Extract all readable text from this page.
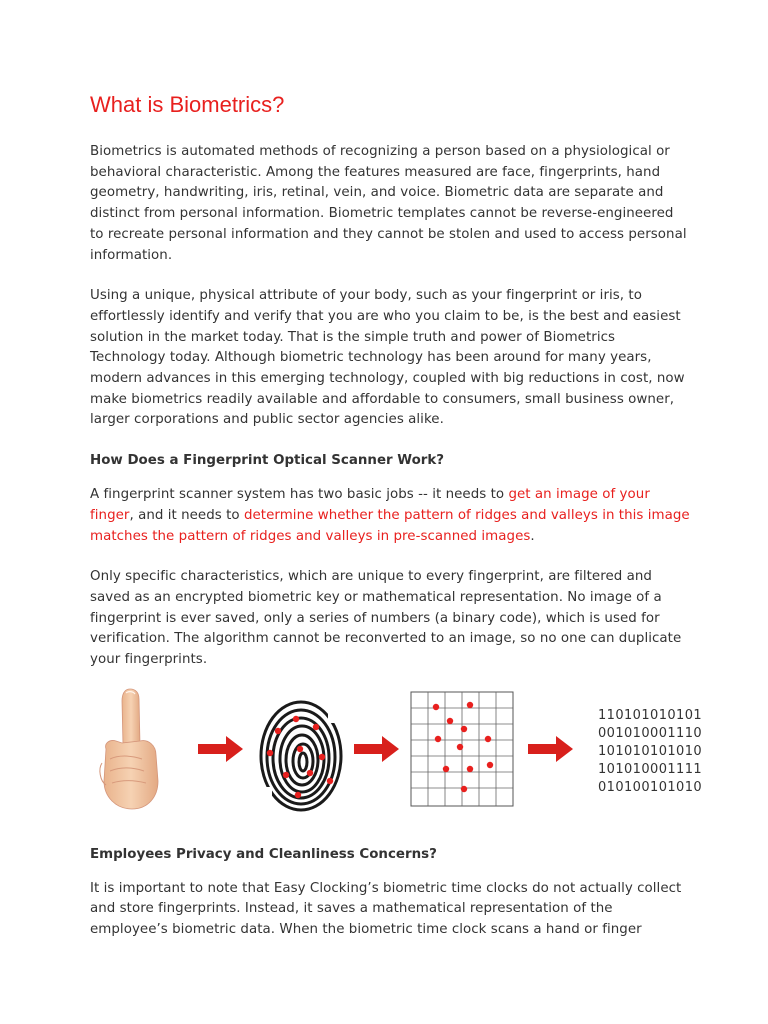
What is Biometrics?

Biometrics is automated methods of recognizing a person based on a physiological or behavioral characteristic. Among the features measured are face, fingerprints, hand geometry, handwriting, iris, retinal, vein, and voice. Biometric data are separate and distinct from personal information. Biometric templates cannot be reverse-engineered to recreate personal information and they cannot be stolen and used to access personal information.

Using a unique, physical attribute of your body, such as your fingerprint or iris, to effortlessly identify and verify that you are who you claim to be, is the best and easiest solution in the market today. That is the simple truth and power of Biometrics Technology today. Although biometric technology has been around for many years, modern advances in this emerging technology, coupled with big reductions in cost, now make biometrics readily available and affordable to consumers, small business owner, larger corporations and public sector agencies alike.

How Does a Fingerprint Optical Scanner Work?

A fingerprint scanner system has two basic jobs -- it needs to get an image of your finger, and it needs to determine whether the pattern of ridges and valleys in this image matches the pattern of ridges and valleys in pre-scanned images.

Only specific characteristics, which are unique to every fingerprint, are filtered and saved as an encrypted biometric key or mathematical representation. No image of a fingerprint is ever saved, only a series of numbers (a binary code), which is used for verification. The algorithm cannot be reconverted to an image, so no one can duplicate your fingerprints.

110101010101
001010001110
10101010101​0
101010001111
010100101010
Employees Privacy and Cleanliness Concerns?

It is important to note that Easy Clocking’s biometric time clocks do not actually collect and store fingerprints. Instead, it saves a mathematical representation of the employee’s biometric data. When the biometric time clock scans a hand or finger
